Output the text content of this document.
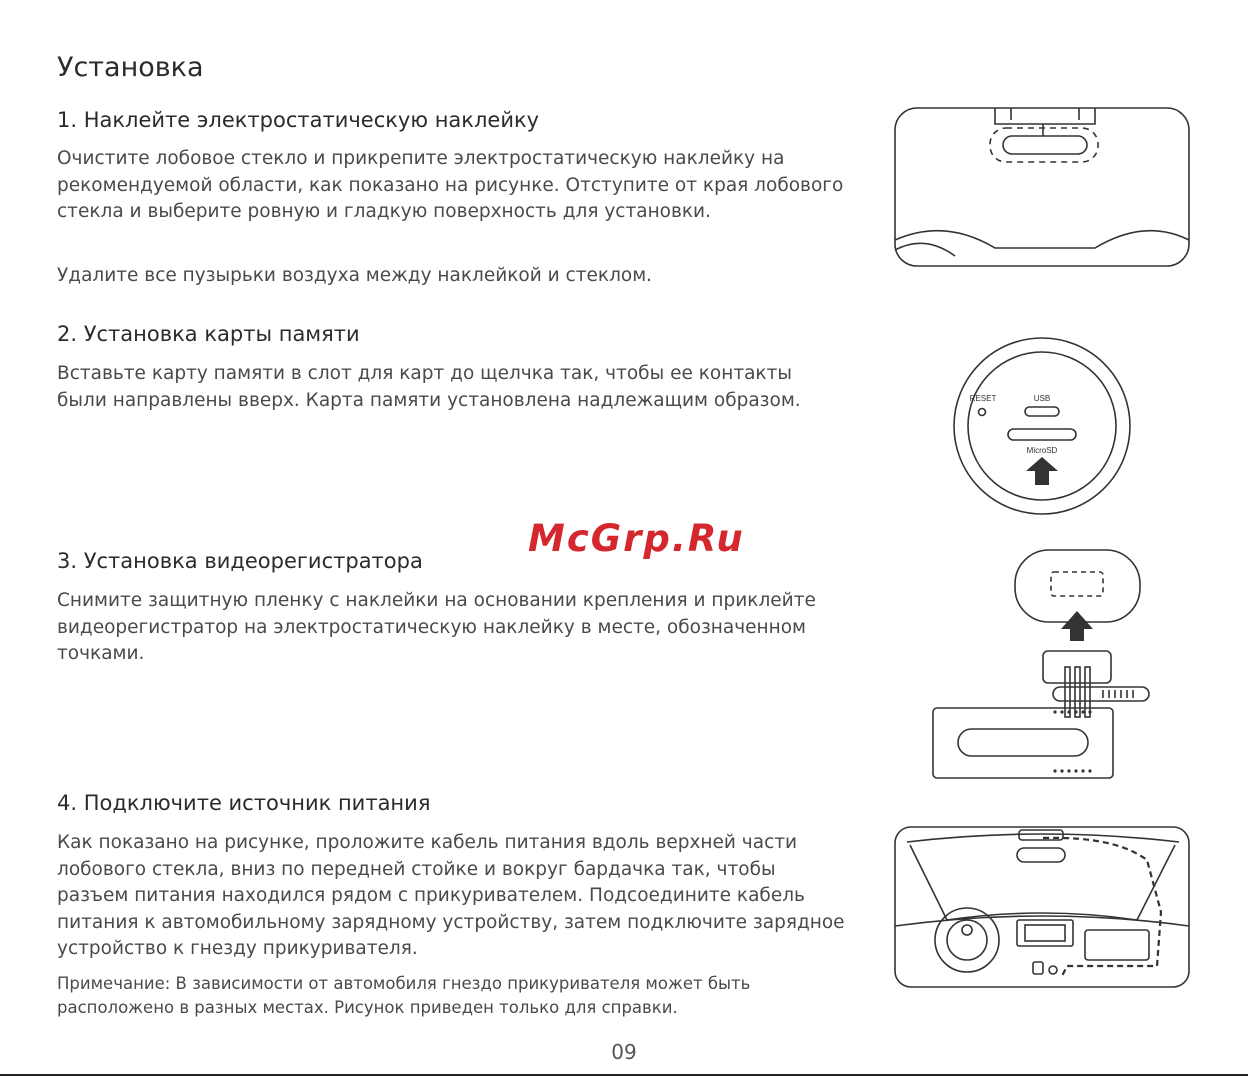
Установка
1. Наклейте электростатическую наклейку

Очистите лобовое стекло и прикрепите электростатическую наклейку на рекомендуемой области, как показано на рисунке. Отступите от края лобового стекла и выберите ровную и гладкую поверхность для установки.

Удалите все пузырьки воздуха между наклейкой и стеклом.

2. Установка карты памяти

Вставьте карту памяти в слот для карт до щелчка так, чтобы ее контакты были направлены вверх. Карта памяти установлена надлежащим образом.

McGrp.Ru
3. Установка видеорегистратора

Снимите защитную пленку с наклейки на основании крепления и приклейте видеорегистратор на электростатическую наклейку в месте, обозначенном точками.

4. Подключите источник питания

Как показано на рисунке, проложите кабель питания вдоль верхней части лобового стекла, вниз по передней стойке и вокруг бардачка так, чтобы разъем питания находился рядом с прикуривателем. Подсоедините кабель питания к автомобильному зарядному устройству, затем подключите зарядное устройство к гнезду прикуривателя.

Примечание: В зависимости от автомобиля гнездо прикуривателя может быть расположено в разных местах. Рисунок приведен только для справки.

RESET	USB
MicroSD
09
